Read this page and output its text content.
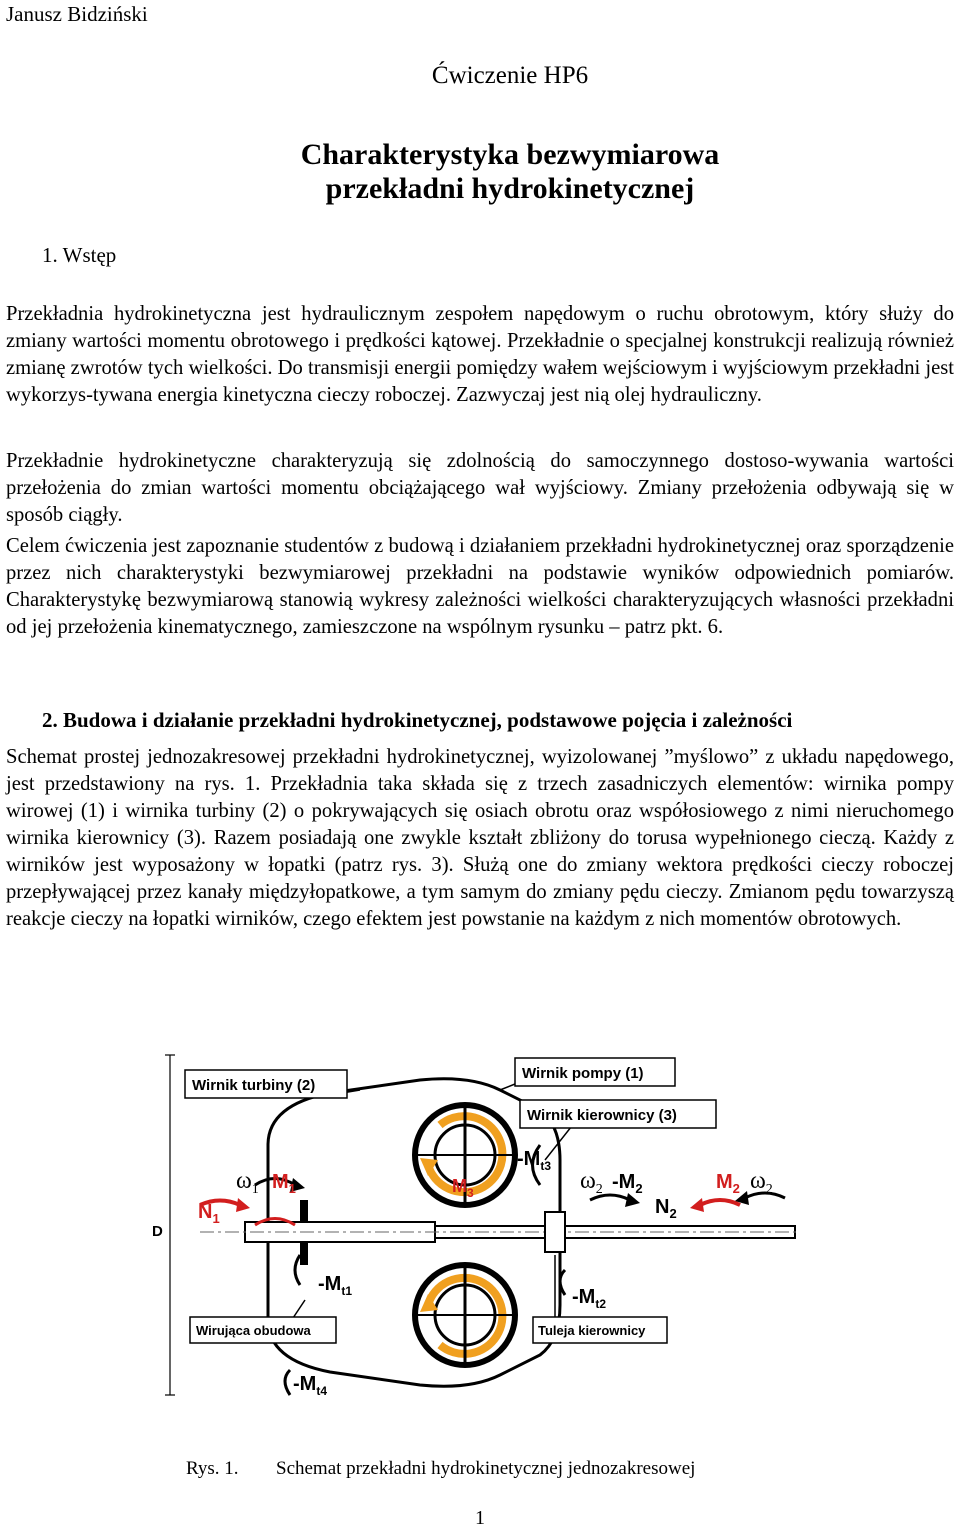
Janusz Bidziński
Ćwiczenie HP6
Charakterystyka bezwymiarowa
przekładni hydrokinetycznej
1. Wstęp
Przekładnia hydrokinetyczna jest hydraulicznym zespołem napędowym o ruchu obrotowym, który służy do zmiany wartości momentu obrotowego i prędkości kątowej. Przekładnie o specjalnej konstrukcji realizują również zmianę zwrotów tych wielkości. Do transmisji energii pomiędzy wałem wejściowym i wyjściowym przekładni jest wykorzys-tywana energia kinetyczna cieczy roboczej. Zazwyczaj jest nią olej hydrauliczny.
Przekładnie hydrokinetyczne charakteryzują się zdolnością do samoczynnego dostoso-wywania wartości przełożenia do zmian wartości momentu obciążającego wał wyjściowy. Zmiany przełożenia odbywają się w sposób ciągły.
Celem ćwiczenia jest zapoznanie studentów z budową i działaniem przekładni hydrokinetycznej oraz sporządzenie przez nich charakterystyki bezwymiarowej przekładni na podstawie wyników odpowiednich pomiarów. Charakterystykę bezwymiarową stanowią wykresy zależności wielkości charakteryzujących własności przekładni od jej przełożenia kinematycznego, zamieszczone na wspólnym rysunku – patrz pkt. 6.
2. Budowa i działanie przekładni hydrokinetycznej, podstawowe pojęcia i zależności
Schemat prostej jednozakresowej przekładni hydrokinetycznej, wyizolowanej ”myślowo” z układu napędowego, jest przedstawiony na rys. 1. Przekładnia taka składa się z trzech zasadniczych elementów: wirnika pompy wirowej (1) i wirnika turbiny (2) o pokrywających się osiach obrotu oraz współosiowego z nimi nieruchomego wirnika kierownicy (3). Razem posiadają one zwykle kształt zbliżony do torusa wypełnionego cieczą. Każdy z wirników jest wyposażony w łopatki (patrz rys. 3). Służą one do zmiany wektora prędkości cieczy roboczej przepływającej przez kanały międzyłopatkowe, a tym samym do zmiany pędu cieczy. Zmianom pędu towarzyszą reakcje cieczy na łopatki wirników, czego efektem jest powstanie na każdym z nich momentów obrotowych.
D
Wirnik turbiny (2)
Wirnik pompy (1)
Wirnik kierownicy (3)
Wirująca obudowa	Tuleja kierownicy
$\omega_1$ $M_1$
$N_1$
$M_3$
$-M_{t3}$
$\omega_2$ $-M_2$
$N_2$
$M_2$ $\omega_2$
$-M_{t1}$	$-M_{t2}$
$-M_{t4}$
Rys. 1. Schemat przekładni hydrokinetycznej jednozakresowej
1
